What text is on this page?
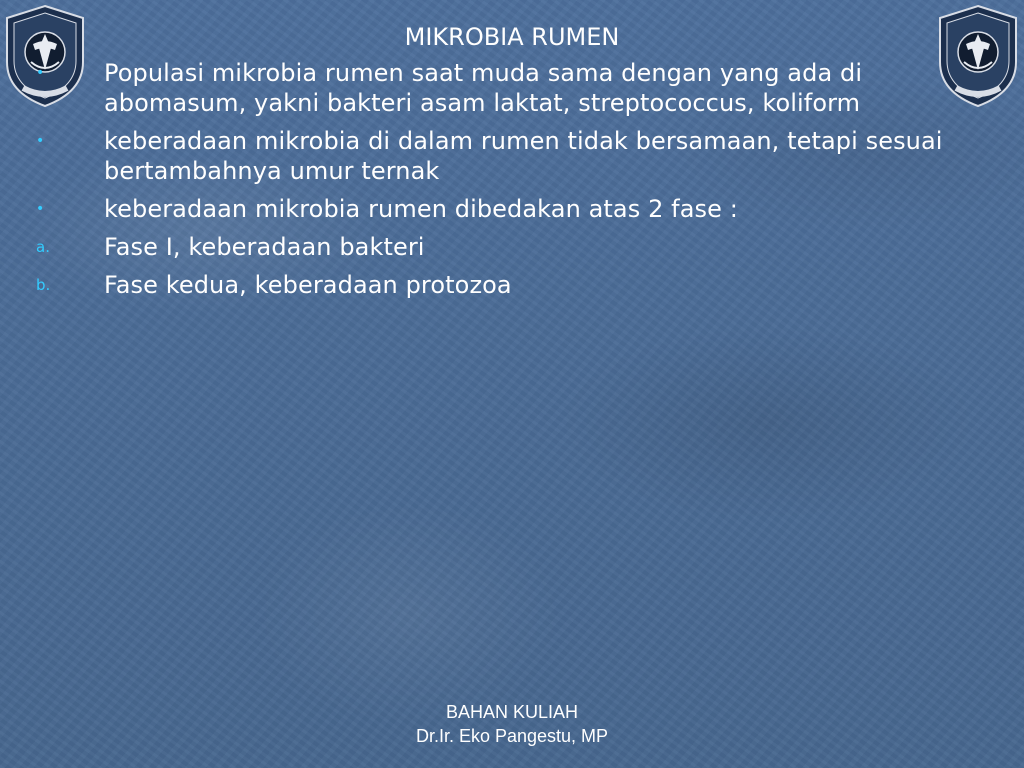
MIKROBIA RUMEN
• Populasi mikrobia rumen saat muda sama dengan yang ada di abomasum, yakni bakteri asam laktat, streptococcus, koliform
• keberadaan mikrobia di dalam rumen tidak bersamaan, tetapi sesuai bertambahnya umur ternak
• keberadaan mikrobia rumen dibedakan atas 2 fase :
a. Fase I, keberadaan bakteri
b. Fase kedua, keberadaan protozoa
BAHAN KULIAH
Dr.Ir. Eko Pangestu, MP
